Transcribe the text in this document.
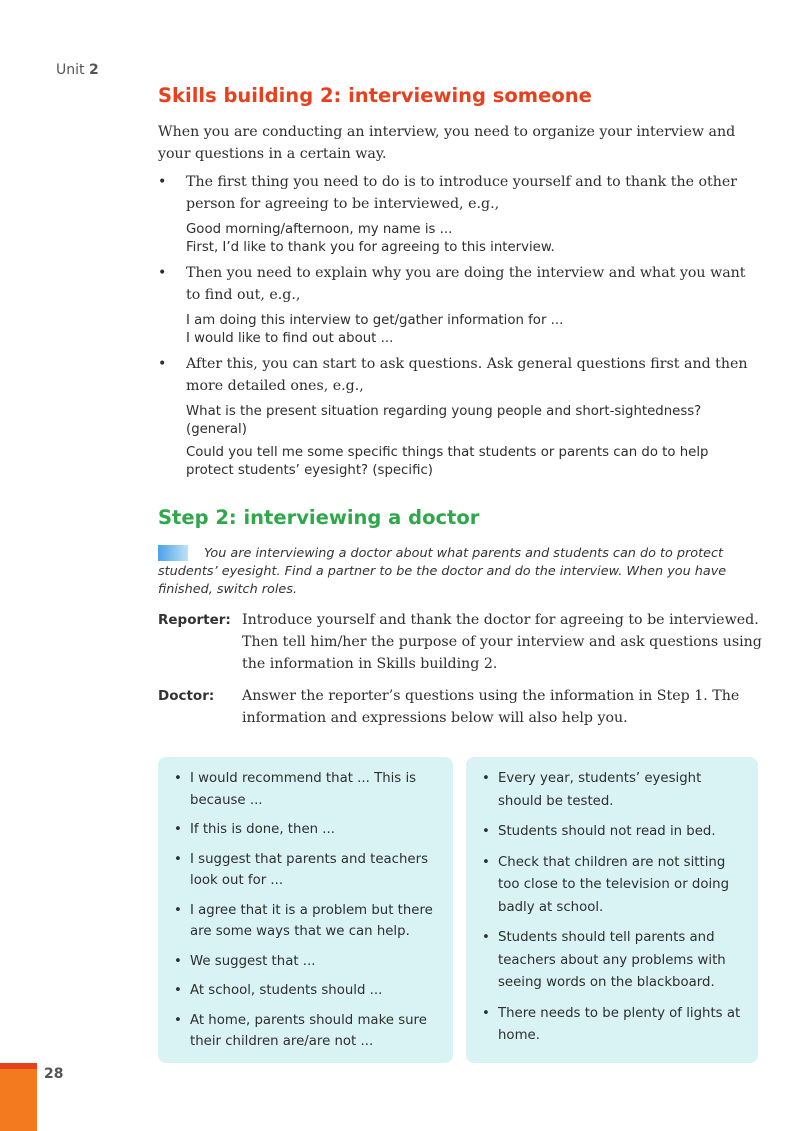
Unit 2
Skills building 2: interviewing someone

When you are conducting an interview, you need to organize your interview and your questions in a certain way.

• The first thing you need to do is to introduce yourself and to thank the other person for agreeing to be interviewed, e.g.,

Good morning/afternoon, my name is ...

First, I’d like to thank you for agreeing to this interview.

• Then you need to explain why you are doing the interview and what you want to find out, e.g.,

I am doing this interview to get/gather information for ...

I would like to find out about ...

• After this, you can start to ask questions. Ask general questions first and then more detailed ones, e.g.,

What is the present situation regarding young people and short-sightedness? (general)

Could you tell me some specific things that students or parents can do to help protect students’ eyesight? (specific)

Step 2: interviewing a doctor
You are interviewing a doctor about what parents and students can do to protect students’ eyesight. Find a partner to be the doctor and do the interview. When you have finished, switch roles.
Reporter: Introduce yourself and thank the doctor for agreeing to be interviewed. Then tell him/her the purpose of your interview and ask questions using the information in Skills building 2.

Doctor: Answer the reporter’s questions using the information in Step 1. The information and expressions below will also help you.

• I would recommend that ... This is because ...
• If this is done, then ...
• I suggest that parents and teachers look out for ...
• I agree that it is a problem but there are some ways that we can help.
• We suggest that ...
• At school, students should ...
• At home, parents should make sure their children are/are not ...
• Every year, students’ eyesight should be tested.
• Students should not read in bed.
• Check that children are not sitting too close to the television or doing badly at school.
• Students should tell parents and teachers about any problems with seeing words on the blackboard.
• There needs to be plenty of lights at home.
28
